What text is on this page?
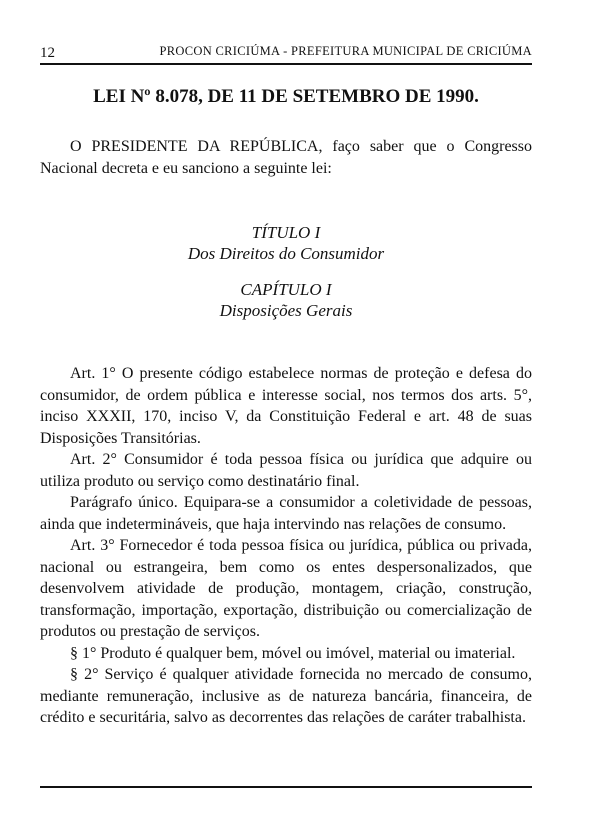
12	PROCON CRICIÚMA - PREFEITURA MUNICIPAL DE CRICIÚMA
LEI Nº 8.078, DE 11 DE SETEMBRO DE 1990.

O PRESIDENTE DA REPÚBLICA, faço saber que o Congresso Nacional decreta e eu sanciono a seguinte lei:

TÍTULO I
Dos Direitos do Consumidor
CAPÍTULO I
Disposições Gerais

Art. 1° O presente código estabelece normas de proteção e defesa do consumidor, de ordem pública e interesse social, nos termos dos arts. 5°, inciso XXXII, 170, inciso V, da Constituição Federal e art. 48 de suas Disposições Transitórias.

Art. 2° Consumidor é toda pessoa física ou jurídica que adquire ou utiliza produto ou serviço como destinatário final.

Parágrafo único. Equipara-se a consumidor a coletividade de pessoas, ainda que indetermináveis, que haja intervindo nas relações de consumo.

Art. 3° Fornecedor é toda pessoa física ou jurídica, pública ou privada, nacional ou estrangeira, bem como os entes despersonalizados, que desenvolvem atividade de produção, montagem, criação, construção, transformação, importação, exportação, distribuição ou comercialização de produtos ou prestação de serviços.

§ 1° Produto é qualquer bem, móvel ou imóvel, material ou imaterial.

§ 2° Serviço é qualquer atividade fornecida no mercado de consumo, mediante remuneração, inclusive as de natureza bancária, financeira, de crédito e securitária, salvo as decorrentes das relações de caráter trabalhista.
